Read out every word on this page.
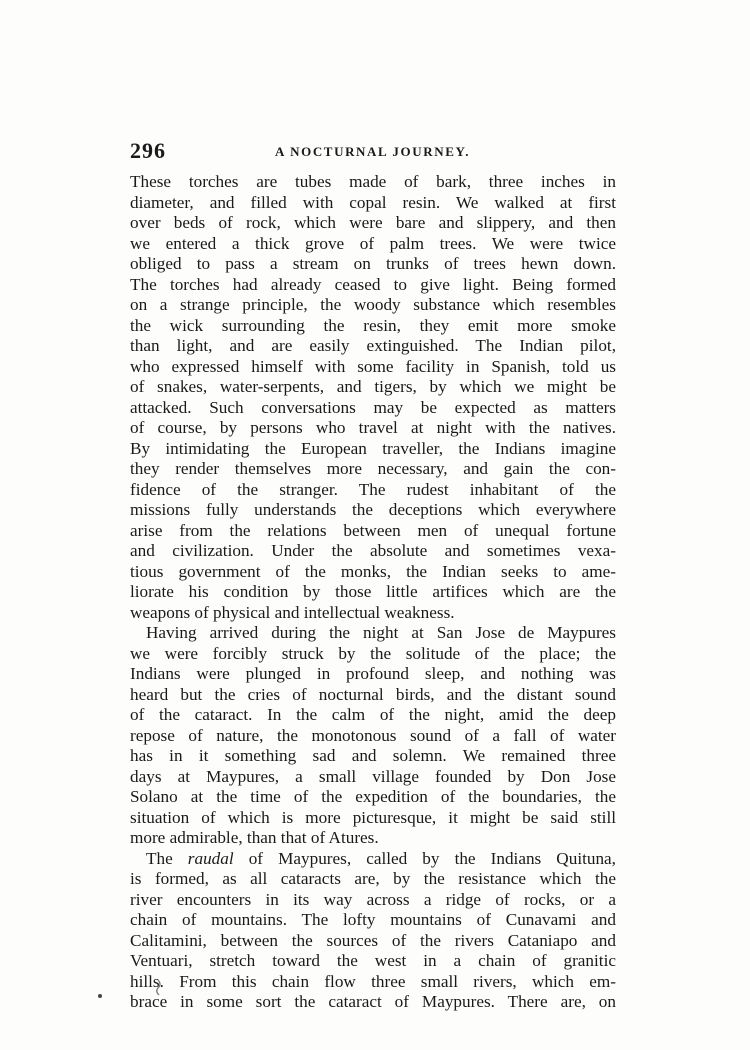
296	A NOCTURNAL JOURNEY.
These torches are tubes made of bark, three inches in
diameter, and filled with copal resin. We walked at first
over beds of rock, which were bare and slippery, and then
we entered a thick grove of palm trees. We were twice
obliged to pass a stream on trunks of trees hewn down.
The torches had already ceased to give light. Being formed
on a strange principle, the woody substance which resembles
the wick surrounding the resin, they emit more smoke
than light, and are easily extinguished. The Indian pilot,
who expressed himself with some facility in Spanish, told us
of snakes, water-serpents, and tigers, by which we might be
attacked. Such conversations may be expected as matters
of course, by persons who travel at night with the natives.
By intimidating the European traveller, the Indians imagine
they render themselves more necessary, and gain the con-
fidence of the stranger. The rudest inhabitant of the
missions fully understands the deceptions which everywhere
arise from the relations between men of unequal fortune
and civilization. Under the absolute and sometimes vexa-
tious government of the monks, the Indian seeks to ame-
liorate his condition by those little artifices which are the
weapons of physical and intellectual weakness.
Having arrived during the night at San Jose de Maypures
we were forcibly struck by the solitude of the place; the
Indians were plunged in profound sleep, and nothing was
heard but the cries of nocturnal birds, and the distant sound
of the cataract. In the calm of the night, amid the deep
repose of nature, the monotonous sound of a fall of water
has in it something sad and solemn. We remained three
days at Maypures, a small village founded by Don Jose
Solano at the time of the expedition of the boundaries, the
situation of which is more picturesque, it might be said still
more admirable, than that of Atures.
The raudal of Maypures, called by the Indians Quituna,
is formed, as all cataracts are, by the resistance which the
river encounters in its way across a ridge of rocks, or a
chain of mountains. The lofty mountains of Cunavami and
Calitamini, between the sources of the rivers Cataniapo and
Ventuari, stretch toward the west in a chain of granitic
hills. From this chain flow three small rivers, which em-
brace in some sort the cataract of Maypures. There are, on
